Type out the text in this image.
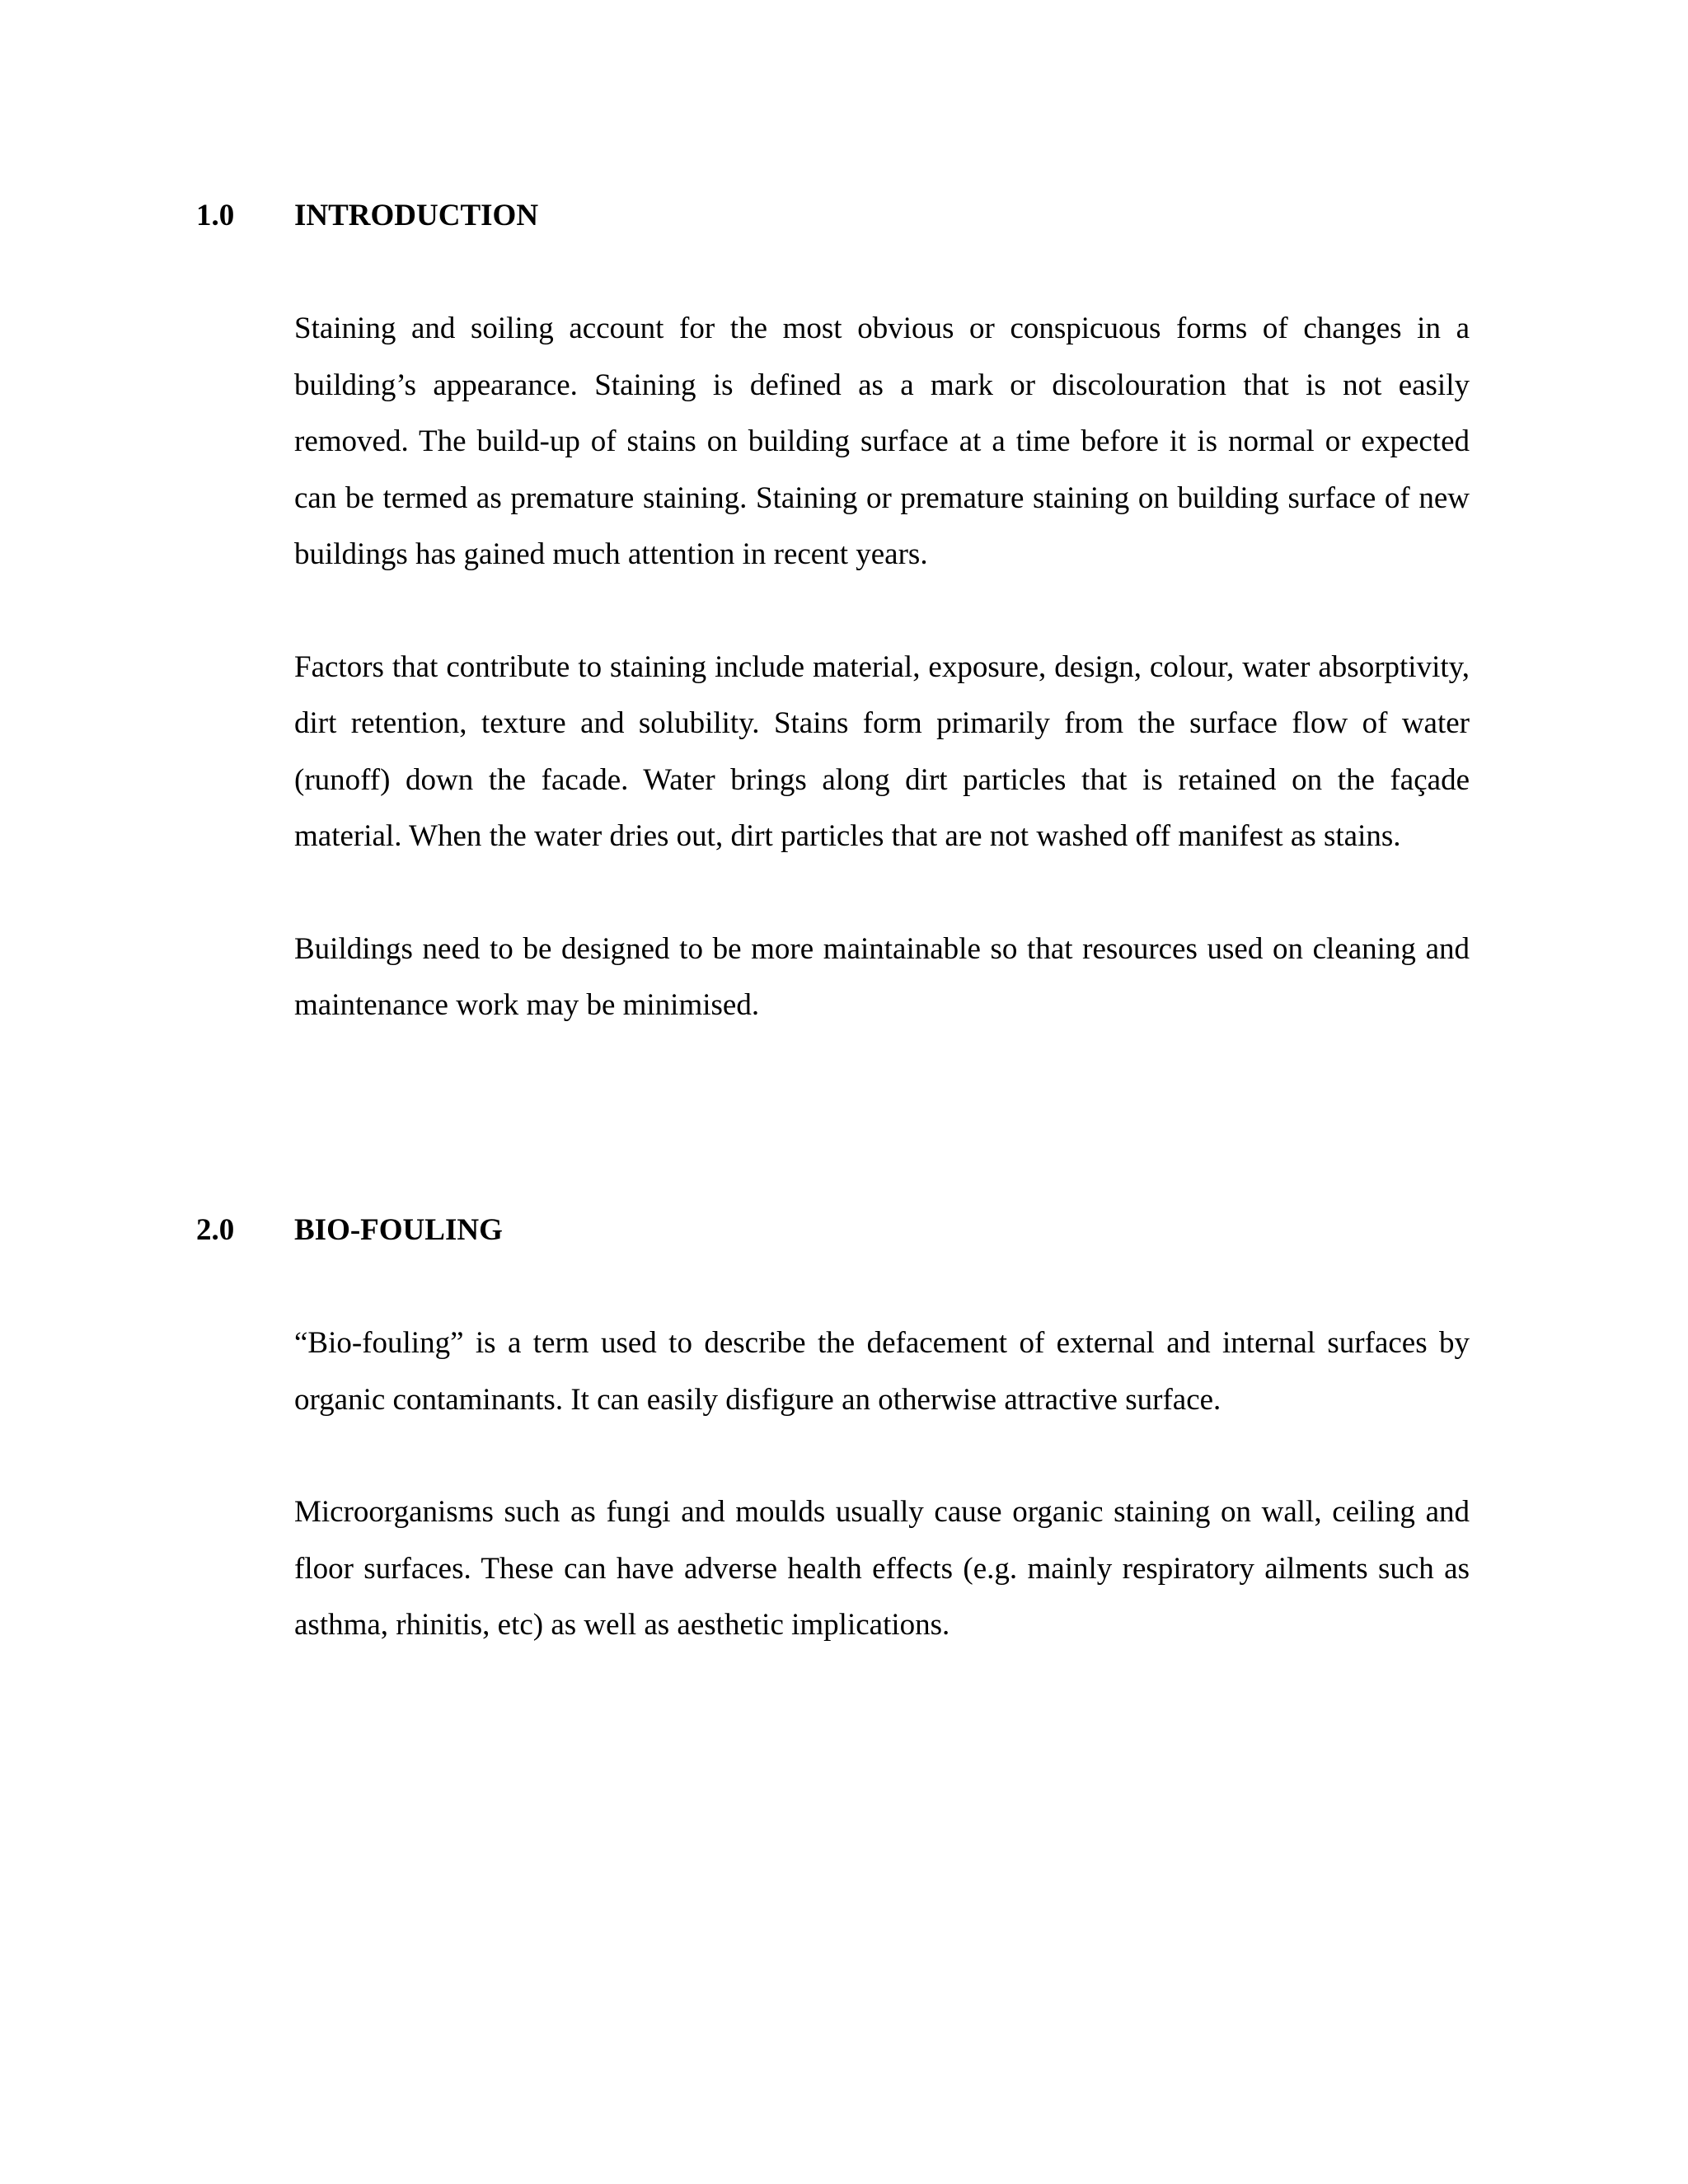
1.0 INTRODUCTION

Staining and soiling account for the most obvious or conspicuous forms of changes in a building’s appearance. Staining is defined as a mark or discolouration that is not easily removed. The build-up of stains on building surface at a time before it is normal or expected can be termed as premature staining. Staining or premature staining on building surface of new buildings has gained much attention in recent years.

Factors that contribute to staining include material, exposure, design, colour, water absorptivity, dirt retention, texture and solubility. Stains form primarily from the surface flow of water (runoff) down the facade. Water brings along dirt particles that is retained on the façade material. When the water dries out, dirt particles that are not washed off manifest as stains.

Buildings need to be designed to be more maintainable so that resources used on cleaning and maintenance work may be minimised.

2.0 BIO-FOULING

“Bio-fouling” is a term used to describe the defacement of external and internal surfaces by organic contaminants. It can easily disfigure an otherwise attractive surface.

Microorganisms such as fungi and moulds usually cause organic staining on wall, ceiling and floor surfaces. These can have adverse health effects (e.g. mainly respiratory ailments such as asthma, rhinitis, etc) as well as aesthetic implications.
